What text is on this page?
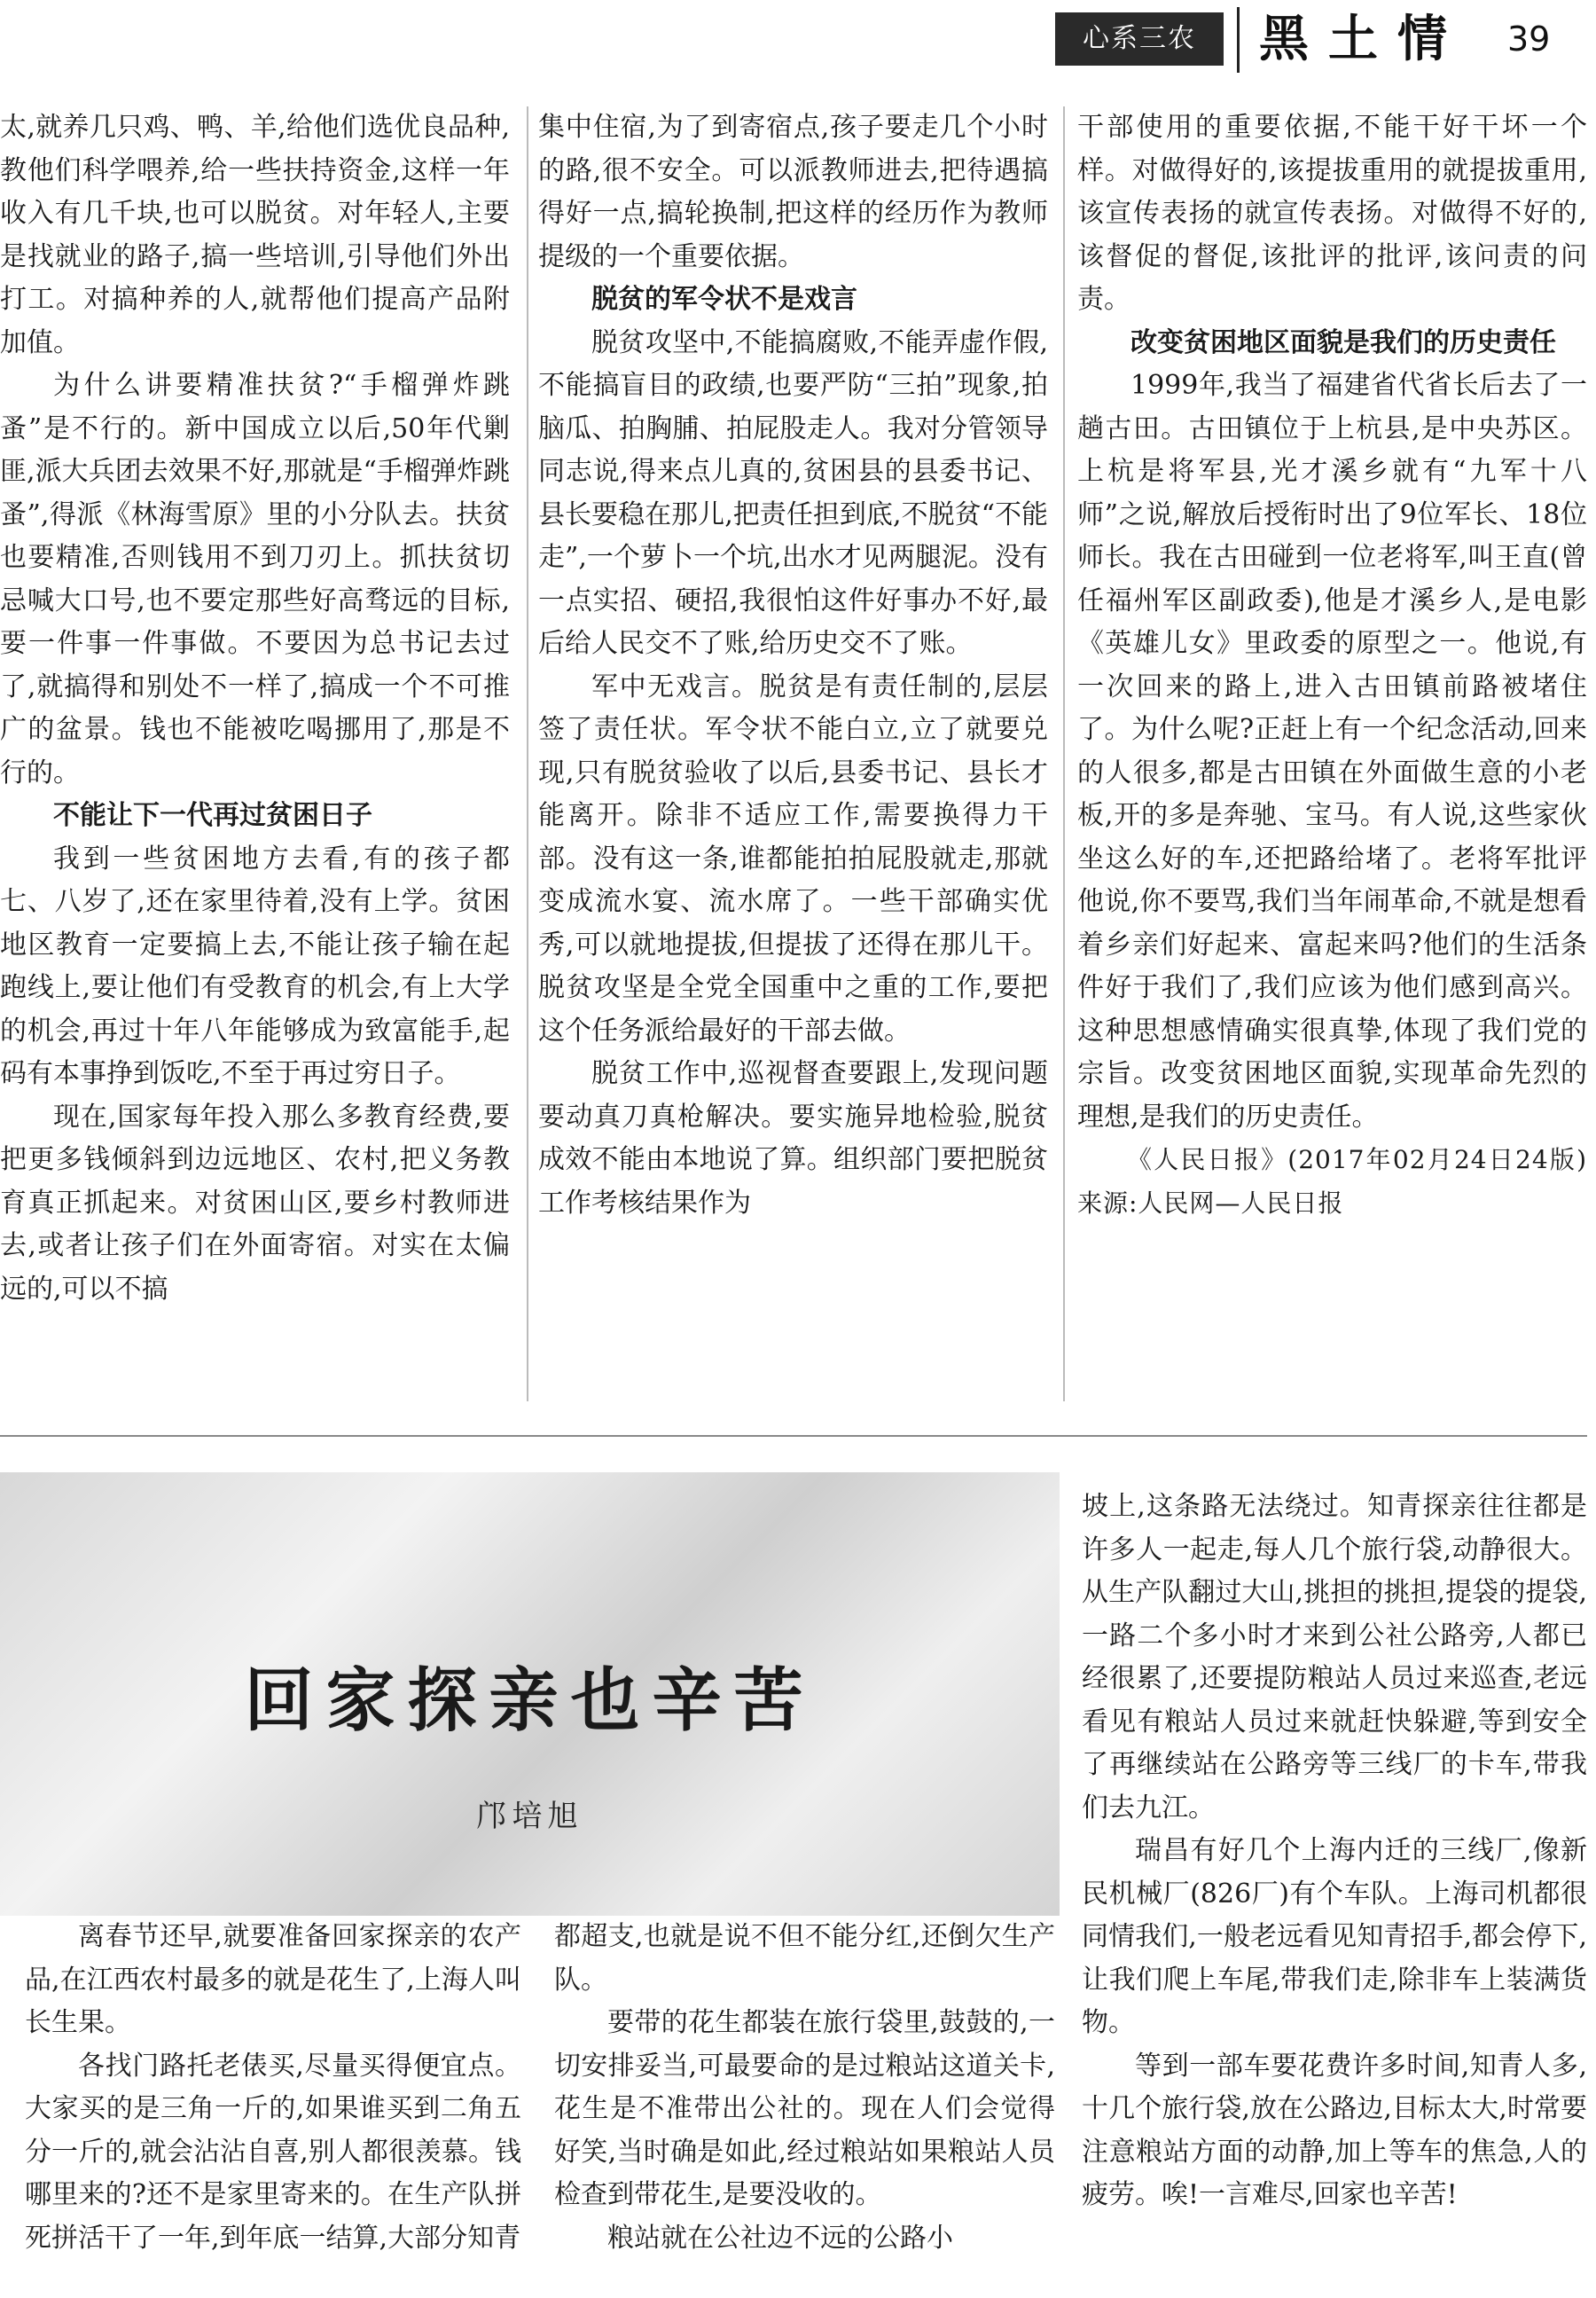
心系三农	黑土情 39

太,就养几只鸡、鸭、羊,给他们选优良品种,教他们科学喂养,给一些扶持资金,这样一年收入有几千块,也可以脱贫。对年轻人,主要是找就业的路子,搞一些培训,引导他们外出打工。对搞种养的人,就帮他们提高产品附加值。

为什么讲要精准扶贫?“手榴弹炸跳蚤”是不行的。新中国成立以后,50年代剿匪,派大兵团去效果不好,那就是“手榴弹炸跳蚤”,得派《林海雪原》里的小分队去。扶贫也要精准,否则钱用不到刀刃上。抓扶贫切忌喊大口号,也不要定那些好高骛远的目标,要一件事一件事做。不要因为总书记去过了,就搞得和别处不一样了,搞成一个不可推广的盆景。钱也不能被吃喝挪用了,那是不行的。

不能让下一代再过贫困日子

我到一些贫困地方去看,有的孩子都七、八岁了,还在家里待着,没有上学。贫困地区教育一定要搞上去,不能让孩子输在起跑线上,要让他们有受教育的机会,有上大学的机会,再过十年八年能够成为致富能手,起码有本事挣到饭吃,不至于再过穷日子。

现在,国家每年投入那么多教育经费,要把更多钱倾斜到边远地区、农村,把义务教育真正抓起来。对贫困山区,要乡村教师进去,或者让孩子们在外面寄宿。对实在太偏远的,可以不搞

集中住宿,为了到寄宿点,孩子要走几个小时的路,很不安全。可以派教师进去,把待遇搞得好一点,搞轮换制,把这样的经历作为教师提级的一个重要依据。

脱贫的军令状不是戏言

脱贫攻坚中,不能搞腐败,不能弄虚作假,不能搞盲目的政绩,也要严防“三拍”现象,拍脑瓜、拍胸脯、拍屁股走人。我对分管领导同志说,得来点儿真的,贫困县的县委书记、县长要稳在那儿,把责任担到底,不脱贫“不能走”,一个萝卜一个坑,出水才见两腿泥。没有一点实招、硬招,我很怕这件好事办不好,最后给人民交不了账,给历史交不了账。

军中无戏言。脱贫是有责任制的,层层签了责任状。军令状不能白立,立了就要兑现,只有脱贫验收了以后,县委书记、县长才能离开。除非不适应工作,需要换得力干部。没有这一条,谁都能拍拍屁股就走,那就变成流水宴、流水席了。一些干部确实优秀,可以就地提拔,但提拔了还得在那儿干。脱贫攻坚是全党全国重中之重的工作,要把这个任务派给最好的干部去做。

脱贫工作中,巡视督查要跟上,发现问题要动真刀真枪解决。要实施异地检验,脱贫成效不能由本地说了算。组织部门要把脱贫工作考核结果作为

干部使用的重要依据,不能干好干坏一个样。对做得好的,该提拔重用的就提拔重用,该宣传表扬的就宣传表扬。对做得不好的,该督促的督促,该批评的批评,该问责的问责。

改变贫困地区面貌是我们的历史责任

1999年,我当了福建省代省长后去了一趟古田。古田镇位于上杭县,是中央苏区。上杭是将军县,光才溪乡就有“九军十八师”之说,解放后授衔时出了9位军长、18位师长。我在古田碰到一位老将军,叫王直(曾任福州军区副政委),他是才溪乡人,是电影《英雄儿女》里政委的原型之一。他说,有一次回来的路上,进入古田镇前路被堵住了。为什么呢?正赶上有一个纪念活动,回来的人很多,都是古田镇在外面做生意的小老板,开的多是奔驰、宝马。有人说,这些家伙坐这么好的车,还把路给堵了。老将军批评他说,你不要骂,我们当年闹革命,不就是想看着乡亲们好起来、富起来吗?他们的生活条件好于我们了,我们应该为他们感到高兴。这种思想感情确实很真挚,体现了我们党的宗旨。改变贫困地区面貌,实现革命先烈的理想,是我们的历史责任。

《人民日报》(2017年02月24日24版)来源:人民网—人民日报

回家探亲也辛苦
邝培旭

离春节还早,就要准备回家探亲的农产品,在江西农村最多的就是花生了,上海人叫长生果。

各找门路托老俵买,尽量买得便宜点。大家买的是三角一斤的,如果谁买到二角五分一斤的,就会沾沾自喜,别人都很羡慕。钱哪里来的?还不是家里寄来的。在生产队拼死拼活干了一年,到年底一结算,大部分知青

都超支,也就是说不但不能分红,还倒欠生产队。

要带的花生都装在旅行袋里,鼓鼓的,一切安排妥当,可最要命的是过粮站这道关卡,花生是不准带出公社的。现在人们会觉得好笑,当时确是如此,经过粮站如果粮站人员检查到带花生,是要没收的。

粮站就在公社边不远的公路小

坡上,这条路无法绕过。知青探亲往往都是许多人一起走,每人几个旅行袋,动静很大。从生产队翻过大山,挑担的挑担,提袋的提袋,一路二个多小时才来到公社公路旁,人都已经很累了,还要提防粮站人员过来巡查,老远看见有粮站人员过来就赶快躲避,等到安全了再继续站在公路旁等三线厂的卡车,带我们去九江。

瑞昌有好几个上海内迁的三线厂,像新民机械厂(826厂)有个车队。上海司机都很同情我们,一般老远看见知青招手,都会停下,让我们爬上车尾,带我们走,除非车上装满货物。

等到一部车要花费许多时间,知青人多,十几个旅行袋,放在公路边,目标太大,时常要注意粮站方面的动静,加上等车的焦急,人的疲劳。唉!一言难尽,回家也辛苦!
